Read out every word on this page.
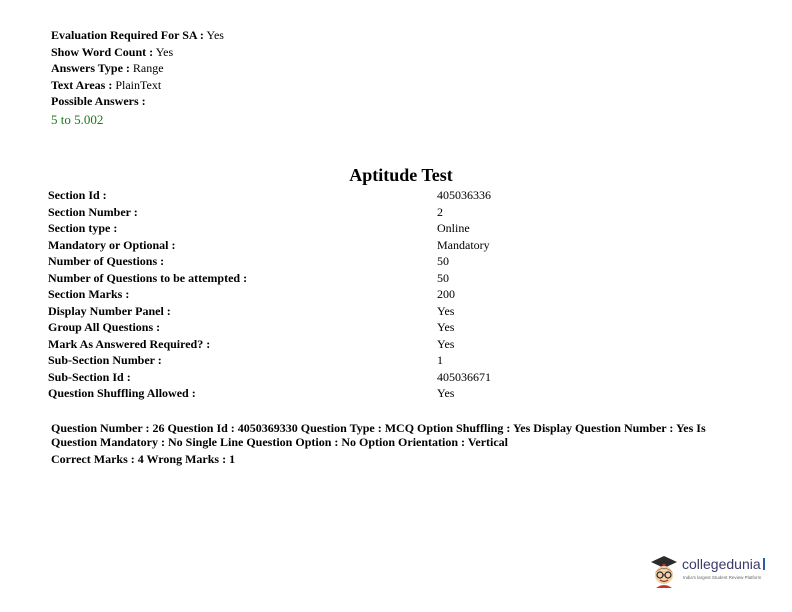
Evaluation Required For SA : Yes
Show Word Count : Yes
Answers Type : Range
Text Areas : PlainText
Possible Answers :
5 to 5.002
Aptitude Test
Section Id :	405036336
Section Number :	2
Section type :	Online
Mandatory or Optional :	Mandatory
Number of Questions :	50
Number of Questions to be attempted :	50
Section Marks :	200
Display Number Panel :	Yes
Group All Questions :	Yes
Mark As Answered Required? :	Yes
Sub-Section Number :	1
Sub-Section Id :	405036671
Question Shuffling Allowed :	Yes
Question Number : 26 Question Id : 4050369330 Question Type : MCQ Option Shuffling : Yes Display Question Number : Yes Is Question Mandatory : No Single Line Question Option : No Option Orientation : Vertical
Correct Marks : 4 Wrong Marks : 1
collegedunia
India's largest Student Review Platform
